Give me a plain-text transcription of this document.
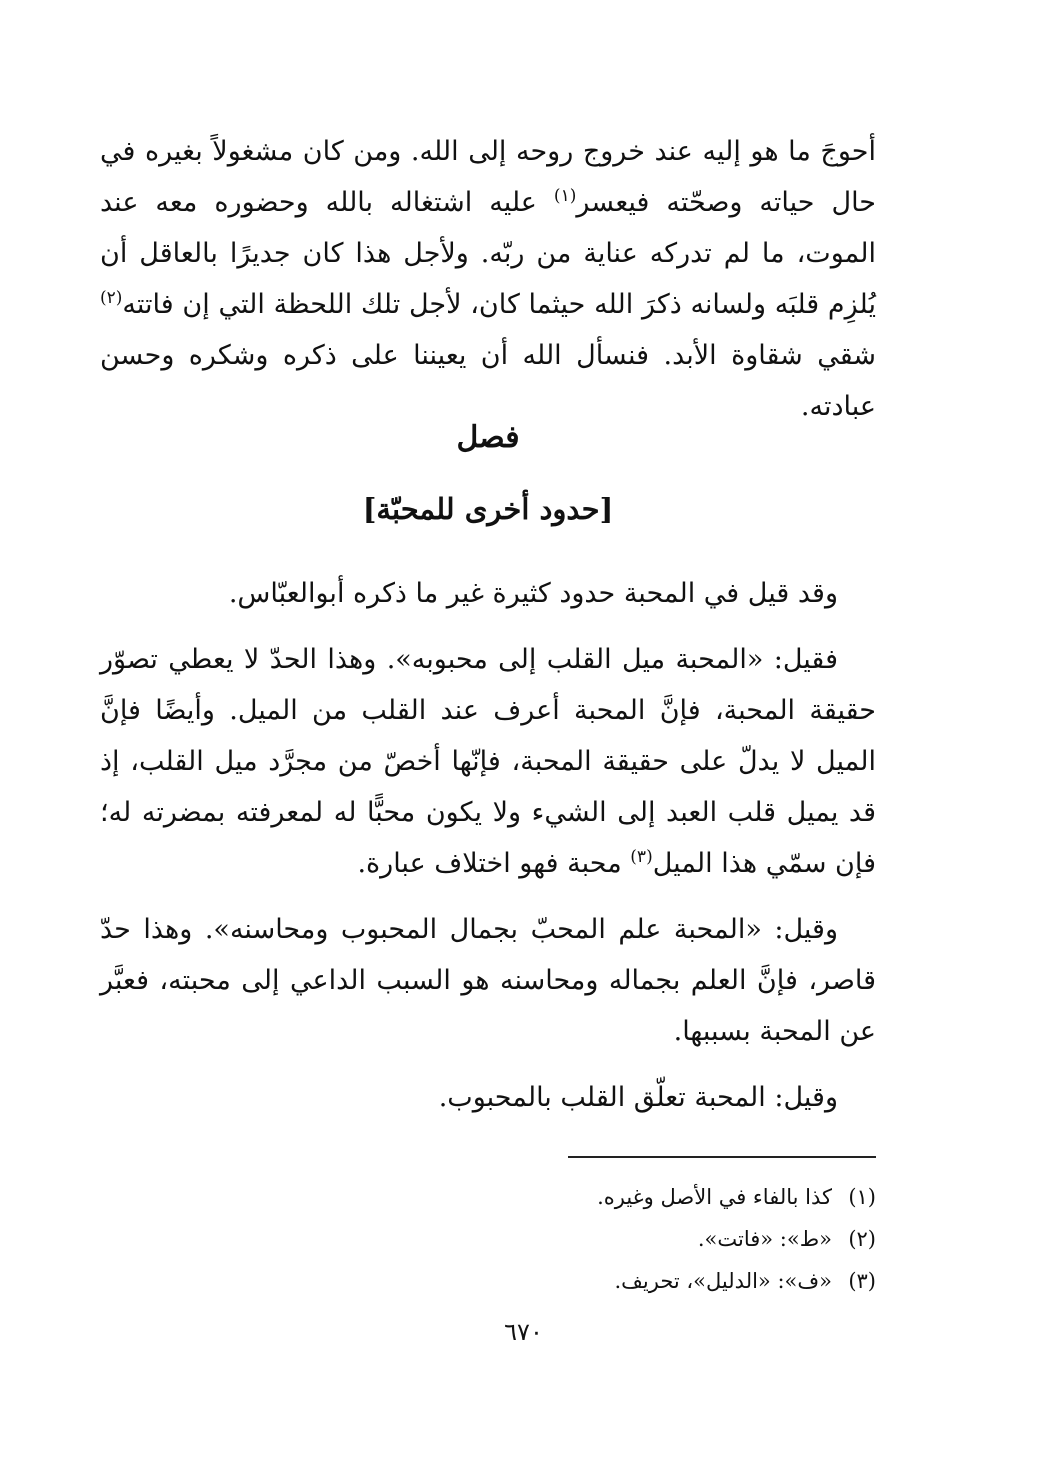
أحوجَ ما هو إليه عند خروج روحه إلى الله. ومن كان مشغولاً بغيره في حال حياته وصحّته فيعسر$^{(١)}$ عليه اشتغاله بالله وحضوره معه عند الموت، ما لم تدركه عناية من ربّه. ولأجل هذا كان جديرًا بالعاقل أن يُلزِم قلبَه ولسانه ذكرَ الله حيثما كان، لأجل تلك اللحظة التي إن فاتته$^{(٢)}$ شقي شقاوة الأبد. فنسأل الله أن يعيننا على ذكره وشكره وحسن عبادته.

فصل
[حدود أخرى للمحبّة]

وقد قيل في المحبة حدود كثيرة غير ما ذكره أبوالعبّاس.

فقيل: «المحبة ميل القلب إلى محبوبه». وهذا الحدّ لا يعطي تصوّر حقيقة المحبة، فإنَّ المحبة أعرف عند القلب من الميل. وأيضًا فإنَّ الميل لا يدلّ على حقيقة المحبة، فإنّها أخصّ من مجرَّد ميل القلب، إذ قد يميل قلب العبد إلى الشيء ولا يكون محبًّا له لمعرفته بمضرته له؛ فإن سمّي هذا الميل$^{(٣)}$ محبة فهو اختلاف عبارة.

وقيل: «المحبة علم المحبّ بجمال المحبوب ومحاسنه». وهذا حدّ قاصر، فإنَّ العلم بجماله ومحاسنه هو السبب الداعي إلى محبته، فعبَّر عن المحبة بسببها.

وقيل: المحبة تعلّق القلب بالمحبوب.

(١)كذا بالفاء في الأصل وغيره.
(٢)«ط»: «فاتت».
(٣)«ف»: «الدليل»، تحريف.
٦٧٠
